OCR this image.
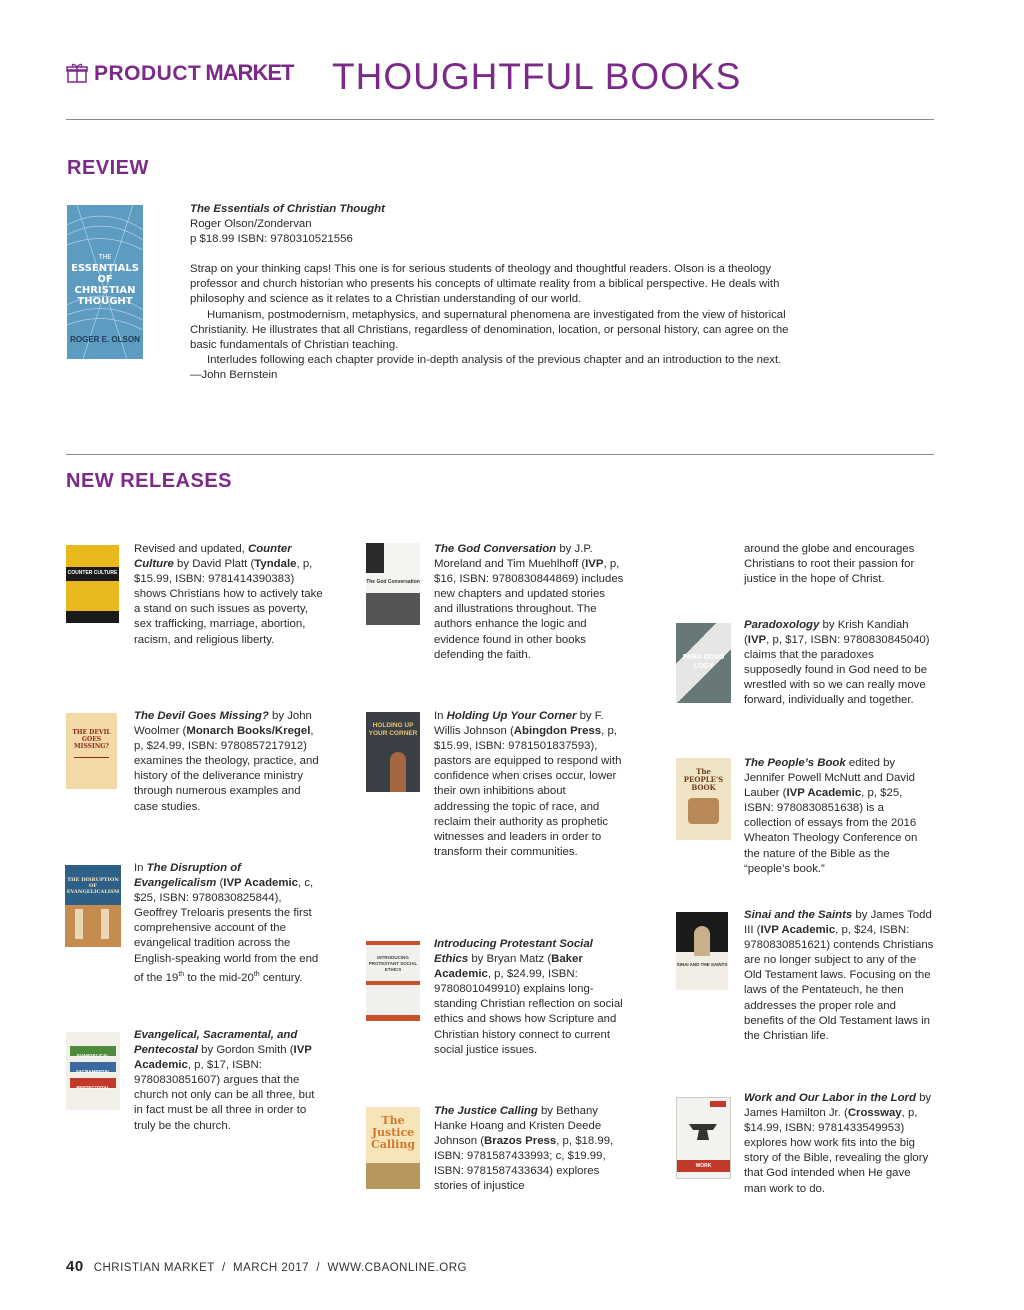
PRODUCT MARKET THOUGHTFUL BOOKS
REVIEW
THE
ESSENTIALS OF CHRISTIAN THOUGHT
ROGER E. OLSON
The Essentials of Christian Thought
Roger Olson/Zondervan
p $18.99 ISBN: 9780310521556
Strap on your thinking caps! This one is for serious students of theology and thoughtful readers. Olson is a theology professor and church historian who presents his concepts of ultimate reality from a biblical perspective. He deals with philosophy and science as it relates to a Christian understanding of our world.
Humanism, postmodernism, metaphysics, and supernatural phenomena are investigated from the view of historical Christianity. He illustrates that all Christians, regardless of denomination, location, or personal history, can agree on the basic fundamentals of Christian teaching.
Interludes following each chapter provide in-depth analysis of the previous chapter and an introduction to the next.
—John Bernstein
NEW RELEASES
COUNTER CULTURE
Revised and updated, Counter Culture by David Platt (Tyndale, p, $15.99, ISBN: 9781414390383) shows Christians how to actively take a stand on such issues as poverty, sex trafficking, marriage, abortion, racism, and religious liberty.
THE DEVIL GOES MISSING?
The Devil Goes Missing? by John Woolmer (Monarch Books/Kregel, p, $24.99, ISBN: 9780857217912) examines the theology, practice, and history of the deliverance ministry through numerous examples and case studies.
THE DISRUPTION OF EVANGELICALISM
In The Disruption of Evangelicalism (IVP Academic, c, $25, ISBN: 9780830825844), Geoffrey Treloaris presents the first comprehensive account of the evangelical tradition across the English-speaking world from the end of the 19th to the mid-20th century.
EVANGELICAL SACRAMENTAL PENTECOSTAL
Evangelical, Sacramental, and Pentecostal by Gordon Smith (IVP Academic, p, $17, ISBN: 9780830851607) argues that the church not only can be all three, but in fact must be all three in order to truly be the church.
The God Conversation
The God Conversation by J.P. Moreland and Tim Muehlhoff (IVP, p, $16, ISBN: 9780830844869) includes new chapters and updated stories and illustrations throughout. The authors enhance the logic and evidence found in other books defending the faith.
HOLDING UP YOUR CORNER
In Holding Up Your Corner by F. Willis Johnson (Abingdon Press, p, $15.99, ISBN: 9781501837593), pastors are equipped to respond with confidence when crises occur, lower their own inhibitions about addressing the topic of race, and reclaim their authority as prophetic witnesses and leaders in order to transform their communities.
INTRODUCING PROTESTANT SOCIAL ETHICS
Introducing Protestant Social Ethics by Bryan Matz (Baker Academic, p, $24.99, ISBN: 9780801049910) explains long-standing Christian reflection on social ethics and shows how Scripture and Christian history connect to current social justice issues.
The Justice Calling
The Justice Calling by Bethany Hanke Hoang and Kristen Deede Johnson (Brazos Press, p, $18.99, ISBN: 9781587433993; c, $19.99, ISBN: 9781587433634) explores stories of injustice
around the globe and encourages Christians to root their passion for justice in the hope of Christ.
PARA DOXO LOGY
Paradoxology by Krish Kandiah (IVP, p, $17, ISBN: 9780830845040) claims that the paradoxes supposedly found in God need to be wrestled with so we can really move forward, individually and together.
The PEOPLE'S BOOK
The People’s Book edited by Jennifer Powell McNutt and David Lauber (IVP Academic, p, $25, ISBN: 9780830851638) is a collection of essays from the 2016 Wheaton Theology Conference on the nature of the Bible as the “people’s book.”
SINAI AND THE SAINTS
Sinai and the Saints by James Todd III (IVP Academic, p, $24, ISBN: 9780830851621) contends Christians are no longer subject to any of the Old Testament laws. Focusing on the laws of the Pentateuch, he then addresses the proper role and benefits of the Old Testament laws in the Christian life.
WORK
Work and Our Labor in the Lord by James Hamilton Jr. (Crossway, p, $14.99, ISBN: 9781433549953) explores how work fits into the big story of the Bible, revealing the glory that God intended when He gave man work to do.
40 CHRISTIAN MARKET  /  MARCH 2017  /  WWW.CBAONLINE.ORG
